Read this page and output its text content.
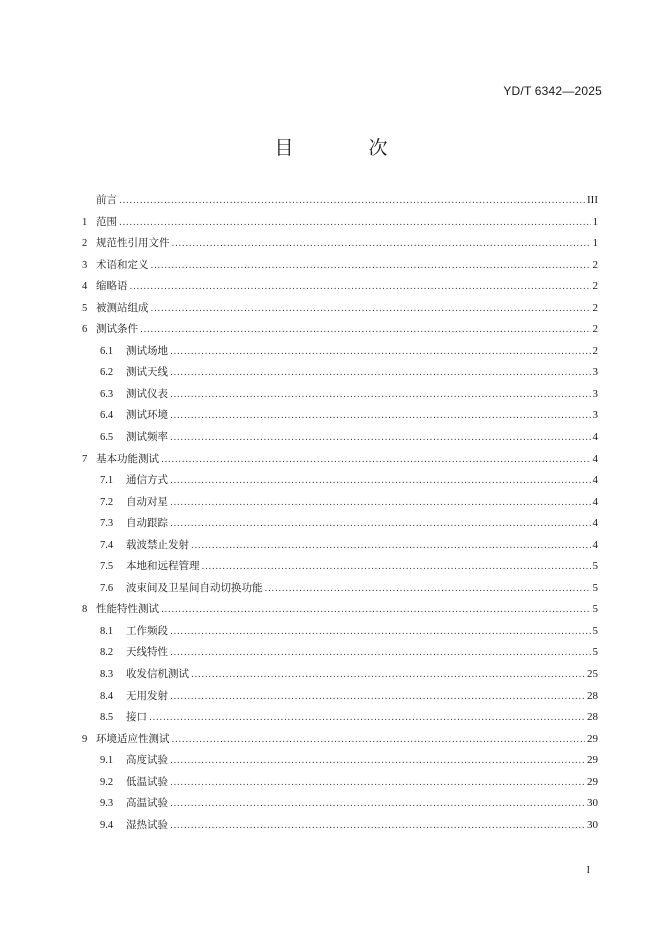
YD/T 6342—2025
目　次
前言 .....	III
1 范围 .....	1
2 规范性引用文件 .....	1
3 术语和定义 .....	2
4 缩略语 .....	2
5 被测站组成 .....	2
6 测试条件 .....	2
6.1	测试场地 .....	2
6.2	测试天线 .....	3
6.3	测试仪表 .....	3
6.4	测试环境 .....	3
6.5	测试频率 .....	4
7 基本功能测试 .....	4
7.1	通信方式 .....	4
7.2	自动对星 .....	4
7.3	自动跟踪 .....	4
7.4	载波禁止发射 .....	4
7.5	本地和远程管理 .....	5
7.6	波束间及卫星间自动切换功能 .....	5
8 性能特性测试 .....	5
8.1	工作频段 .....	5
8.2	天线特性 .....	5
8.3	收发信机测试 .....	25
8.4	无用发射 .....	28
8.5	接口 .....	28
9 环境适应性测试 .....	29
9.1	高度试验 .....	29
9.2	低温试验 .....	29
9.3	高温试验 .....	30
9.4	湿热试验 .....	30
I
